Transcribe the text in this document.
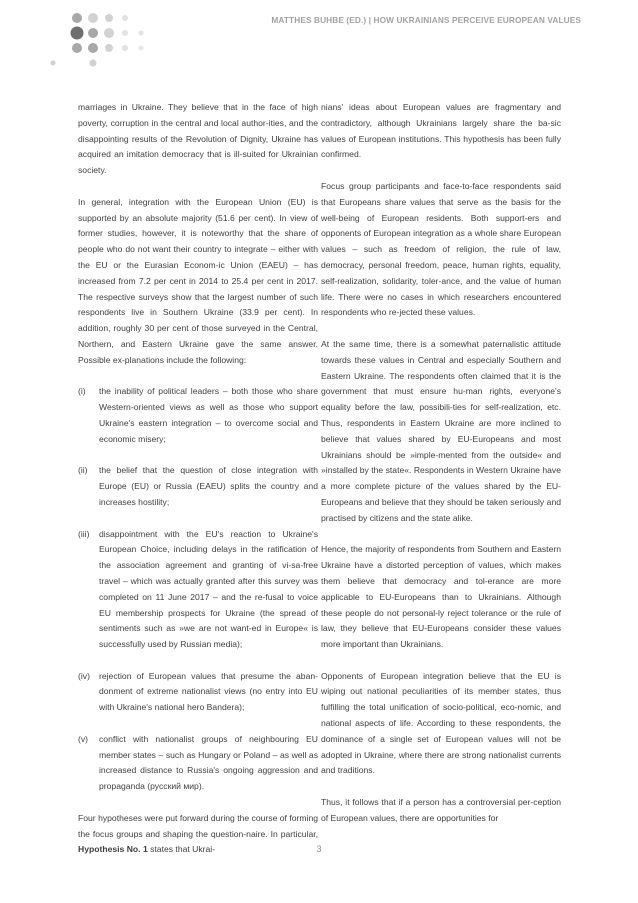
MATTHES BUHBE (ED.) | HOW UKRAINIANS PERCEIVE EUROPEAN VALUES

marriages in Ukraine. They believe that in the face of high poverty, corruption in the central and local author-ities, and the disappointing results of the Revolution of Dignity, Ukraine has acquired an imitation democracy that is ill-suited for Ukrainian society.

In general, integration with the European Union (EU) is supported by an absolute majority (51.6 per cent). In view of former studies, however, it is noteworthy that the share of people who do not want their country to integrate – either with the EU or the Eurasian Econom-ic Union (EAEU) – has increased from 7.2 per cent in 2014 to 25.4 per cent in 2017. The respective surveys show that the largest number of such respondents live in Southern Ukraine (33.9 per cent). In addition, roughly 30 per cent of those surveyed in the Central, Northern, and Eastern Ukraine gave the same answer. Possible ex-planations include the following:

(i)	the inability of political leaders – both those who share Western-oriented views as well as those who support Ukraine's eastern integration – to overcome social and economic misery;
(ii)	the belief that the question of close integration with Europe (EU) or Russia (EAEU) splits the country and increases hostility;
(iii)	disappointment with the EU's reaction to Ukraine's European Choice, including delays in the ratification of the association agreement and granting of vi-sa-free travel – which was actually granted after this survey was completed on 11 June 2017 – and the re-fusal to voice EU membership prospects for Ukraine (the spread of sentiments such as »we are not want-ed in Europe« is successfully used by Russian media);
(iv)	rejection of European values that presume the aban-donment of extreme nationalist views (no entry into EU with Ukraine's national hero Bandera);
(v)	conflict with nationalist groups of neighbouring EU member states – such as Hungary or Poland – as well as increased distance to Russia's ongoing aggression and propaganda (русский мир).

Four hypotheses were put forward during the course of forming the focus groups and shaping the question-naire. In particular, Hypothesis No. 1 states that Ukrai-

nians' ideas about European values are fragmentary and contradictory, although Ukrainians largely share the ba-sic values of European institutions. This hypothesis has been fully confirmed.

Focus group participants and face-to-face respondents said that Europeans share values that serve as the basis for the well-being of European residents. Both support-ers and opponents of European integration as a whole share European values – such as freedom of religion, the rule of law, democracy, personal freedom, peace, human rights, equality, self-realization, solidarity, toler-ance, and the value of human life. There were no cases in which researchers encountered respondents who re-jected these values.

At the same time, there is a somewhat paternalistic attitude towards these values in Central and especially Southern and Eastern Ukraine. The respondents often claimed that it is the government that must ensure hu-man rights, everyone's equality before the law, possibili-ties for self-realization, etc. Thus, respondents in Eastern Ukraine are more inclined to believe that values shared by EU-Europeans and most Ukrainians should be »imple-mented from the outside« and »installed by the state«. Respondents in Western Ukraine have a more complete picture of the values shared by the EU-Europeans and believe that they should be taken seriously and practised by citizens and the state alike.

Hence, the majority of respondents from Southern and Eastern Ukraine have a distorted perception of values, which makes them believe that democracy and tol-erance are more applicable to EU-Europeans than to Ukrainians. Although these people do not personal-ly reject tolerance or the rule of law, they believe that EU-Europeans consider these values more important than Ukrainians.

Opponents of European integration believe that the EU is wiping out national peculiarities of its member states, thus fulfilling the total unification of socio-political, eco-nomic, and national aspects of life. According to these respondents, the dominance of a single set of European values will not be adopted in Ukraine, where there are strong nationalist currents and traditions.

Thus, it follows that if a person has a controversial per-ception of European values, there are opportunities for

3
